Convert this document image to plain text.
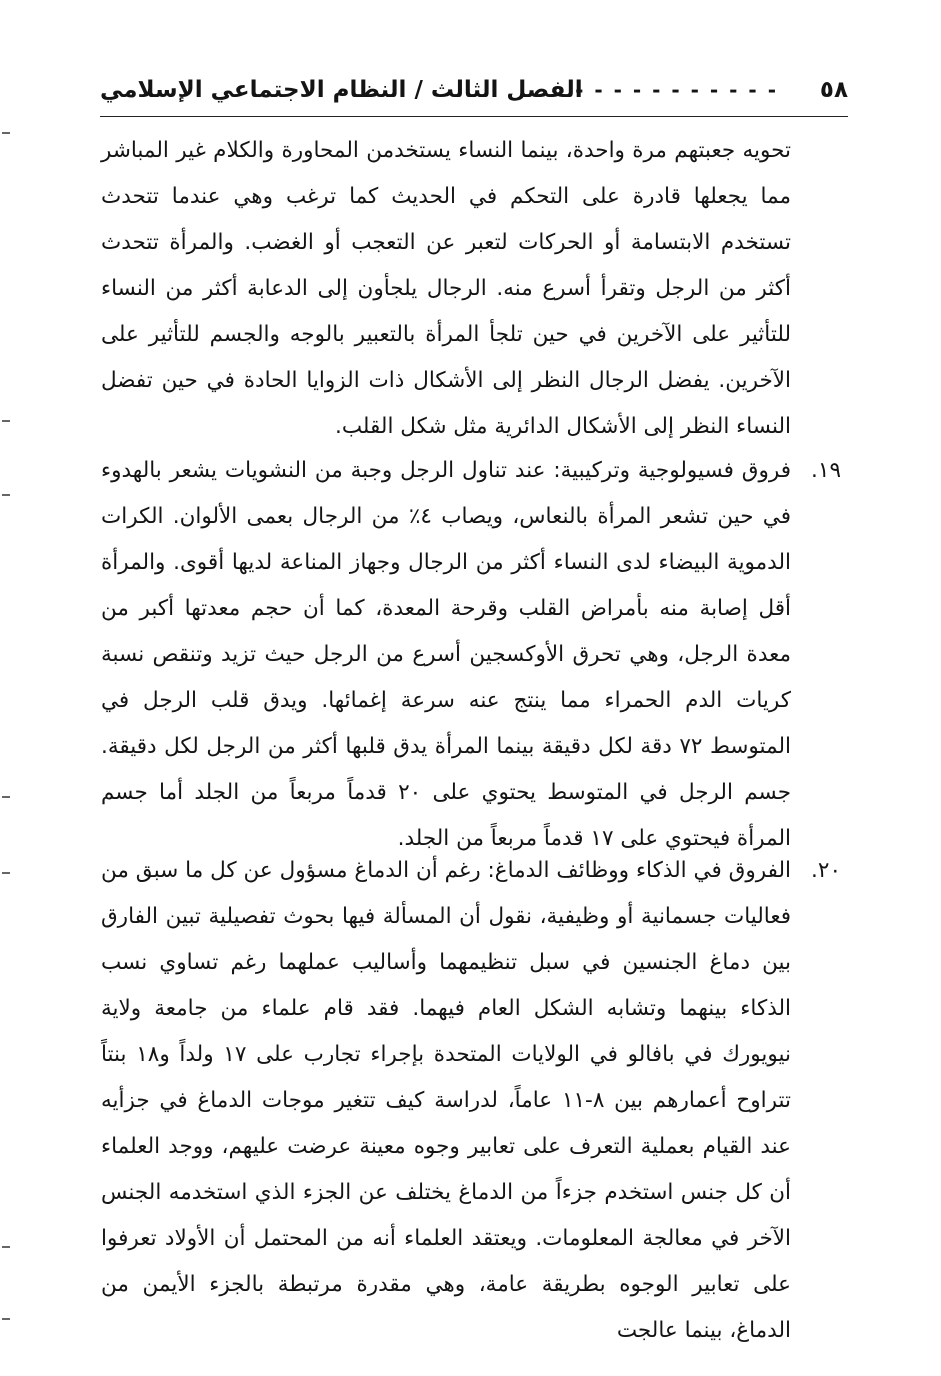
٥٨
- - - - - - - - - - -
الفصل الثالث / النظام الاجتماعي الإسلامي
تحويه جعبتهم مرة واحدة، بينما النساء يستخدمن المحاورة والكلام غير المباشر مما يجعلها قادرة على التحكم في الحديث كما ترغب وهي عندما تتحدث تستخدم الابتسامة أو الحركات لتعبر عن التعجب أو الغضب. والمرأة تتحدث أكثر من الرجل وتقرأ أسرع منه. الرجال يلجأون إلى الدعابة أكثر من النساء للتأثير على الآخرين في حين تلجأ المرأة بالتعبير بالوجه والجسم للتأثير على الآخرين. يفضل الرجال النظر إلى الأشكال ذات الزوايا الحادة في حين تفضل النساء النظر إلى الأشكال الدائرية مثل شكل القلب.
١٩.
فروق فسيولوجية وتركيبية: عند تناول الرجل وجبة من النشويات يشعر بالهدوء في حين تشعر المرأة بالنعاس، ويصاب ٤٪ من الرجال بعمى الألوان. الكرات الدموية البيضاء لدى النساء أكثر من الرجال وجهاز المناعة لديها أقوى. والمرأة أقل إصابة منه بأمراض القلب وقرحة المعدة، كما أن حجم معدتها أكبر من معدة الرجل، وهي تحرق الأوكسجين أسرع من الرجل حيث تزيد وتنقص نسبة كريات الدم الحمراء مما ينتج عنه سرعة إغمائها. ويدق قلب الرجل في المتوسط ٧٢ دقة لكل دقيقة بينما المرأة يدق قلبها أكثر من الرجل لكل دقيقة. جسم الرجل في المتوسط يحتوي على ٢٠ قدماً مربعاً من الجلد أما جسم المرأة فيحتوي على ١٧ قدماً مربعاً من الجلد.
٢٠.
الفروق في الذكاء ووظائف الدماغ: رغم أن الدماغ مسؤول عن كل ما سبق من فعاليات جسمانية أو وظيفية، نقول أن المسألة فيها بحوث تفصيلية تبين الفارق بين دماغ الجنسين في سبل تنظيمهما وأساليب عملهما رغم تساوي نسب الذكاء بينهما وتشابه الشكل العام فيهما. فقد قام علماء من جامعة ولاية نيويورك في بافالو في الولايات المتحدة بإجراء تجارب على ١٧ ولداً و١٨ بنتاً تتراوح أعمارهم بين ٨-١١ عاماً، لدراسة كيف تتغير موجات الدماغ في جزأيه عند القيام بعملية التعرف على تعابير وجوه معينة عرضت عليهم، ووجد العلماء أن كل جنس استخدم جزءاً من الدماغ يختلف عن الجزء الذي استخدمه الجنس الآخر في معالجة المعلومات. ويعتقد العلماء أنه من المحتمل أن الأولاد تعرفوا على تعابير الوجوه بطريقة عامة، وهي مقدرة مرتبطة بالجزء الأيمن من الدماغ، بينما عالجت
